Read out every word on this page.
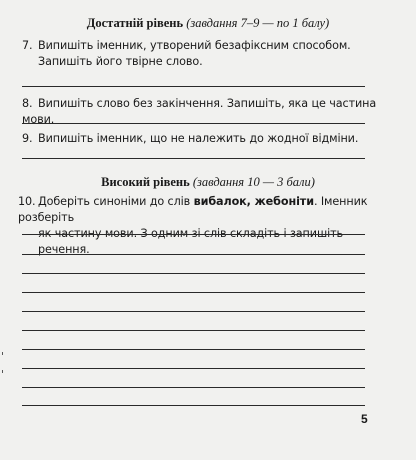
Достатній рівень (завдання 7–9 — по 1 балу)
7. Випишіть іменник, утворений безафіксним способом.
Запишіть його твірне слово.
8. Випишіть слово без закінчення. Запишіть, яка це частина мови.
9. Випишіть іменник, що не належить до жодної відміни.
Високий рівень (завдання 10 — 3 бали)
10. Доберіть синоніми до слів вибалок, жебоніти. Іменник розберіть
як частину мови. З одним зі слів складіть і запишіть речення.
5
